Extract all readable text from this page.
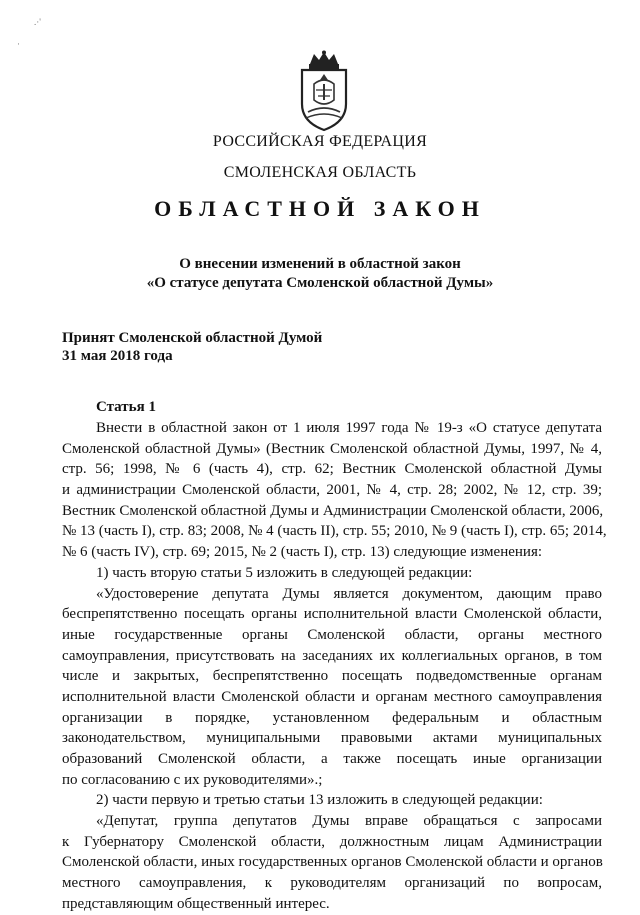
.·'
·
РОССИЙСКАЯ ФЕДЕРАЦИЯ
СМОЛЕНСКАЯ ОБЛАСТЬ
ОБЛАСТНОЙ ЗАКОН
О внесении изменений в областной закон
«О статусе депутата Смоленской областной Думы»
Принят Смоленской областной Думой
31 мая 2018 года
Статья 1
Внести в областной закон от 1 июля 1997 года № 19-з «О статусе депутата
Смоленской областной Думы» (Вестник Смоленской областной Думы, 1997, № 4,
стр. 56; 1998, № 6 (часть 4), стр. 62; Вестник Смоленской областной Думы
и администрации Смоленской области, 2001, № 4, стр. 28; 2002, № 12, стр. 39;
Вестник Смоленской областной Думы и Администрации Смоленской области, 2006,
№ 13 (часть I), стр. 83; 2008, № 4 (часть II), стр. 55; 2010, № 9 (часть I), стр. 65; 2014,
№ 6 (часть IV), стр. 69; 2015, № 2 (часть I), стр. 13) следующие изменения:
1) часть вторую статьи 5 изложить в следующей редакции:
«Удостоверение депутата Думы является документом, дающим право
беспрепятственно посещать органы исполнительной власти Смоленской области,
иные государственные органы Смоленской области, органы местного
самоуправления, присутствовать на заседаниях их коллегиальных органов, в том
числе и закрытых, беспрепятственно посещать подведомственные органам
исполнительной власти Смоленской области и органам местного самоуправления
организации в порядке, установленном федеральным и областным
законодательством, муниципальными правовыми актами муниципальных
образований Смоленской области, а также посещать иные организации
по согласованию с их руководителями».;
2) части первую и третью статьи 13 изложить в следующей редакции:
«Депутат, группа депутатов Думы вправе обращаться с запросами
к Губернатору Смоленской области, должностным лицам Администрации
Смоленской области, иных государственных органов Смоленской области и органов
местного самоуправления, к руководителям организаций по вопросам,
представляющим общественный интерес.
